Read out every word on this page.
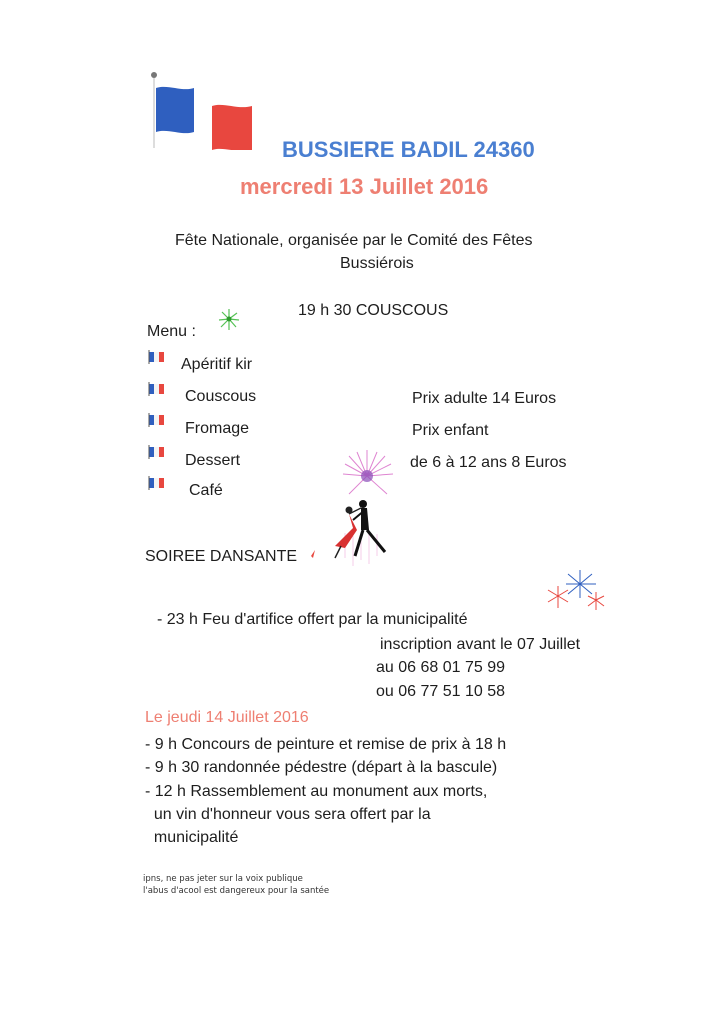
BUSSIERE BADIL 24360
mercredi 13 Juillet 2016
Fête Nationale, organisée par le Comité des Fêtes
Bussiérois
19 h 30 COUSCOUS
Menu :
Apéritif kir
Couscous
Fromage
Dessert
Café
Prix adulte 14 Euros
Prix enfant
de 6 à 12 ans 8 Euros
SOIREE DANSANTE
- 23 h Feu d'artifice offert par la municipalité
inscription avant le 07 Juillet
au 06 68 01 75 99
ou 06 77 51 10 58
Le jeudi 14 Juillet 2016
- 9 h Concours de peinture et remise de prix à 18 h
- 9 h 30 randonnée pédestre (départ à la bascule)
- 12 h Rassemblement au monument aux morts,
un vin d'honneur vous sera offert par la
municipalité
ipns, ne pas jeter sur la voix publique
l'abus d'acool est dangereux pour la santée
